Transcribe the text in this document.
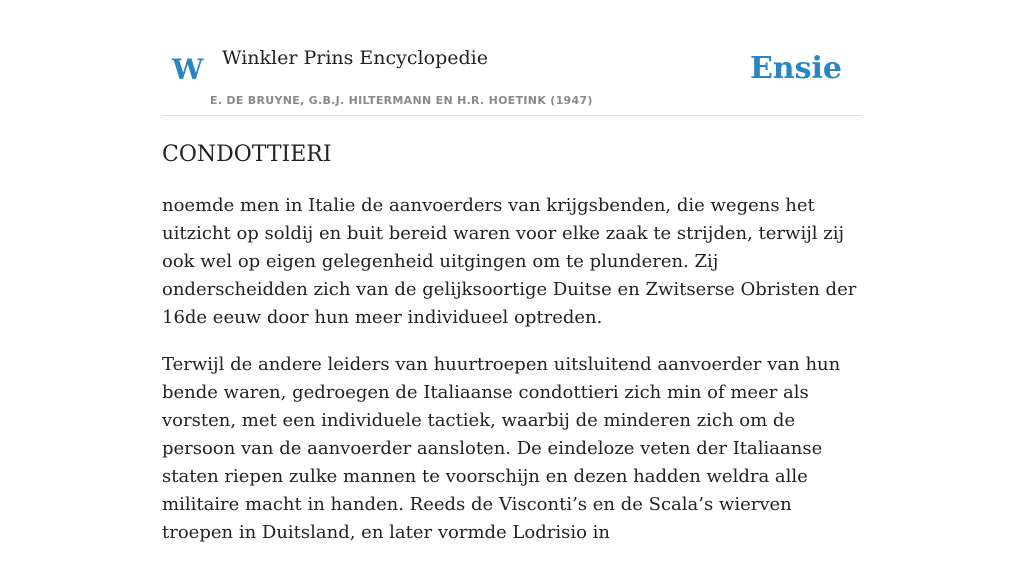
W Winkler Prins Encyclopedie
E. DE BRUYNE, G.B.J. HILTERMANN EN H.R. HOETINK (1947)
Ensie
CONDOTTIERI

noemde men in Italie de aanvoerders van krijgsbenden, die wegens het uitzicht op soldij en buit bereid waren voor elke zaak te strijden, terwijl zij ook wel op eigen gelegenheid uitgingen om te plunderen. Zij onderscheidden zich van de gelijksoortige Duitse en Zwitserse Obristen der 16de eeuw door hun meer individueel optreden.

Terwijl de andere leiders van huurtroepen uitsluitend aanvoerder van hun bende waren, gedroegen de Italiaanse condottieri zich min of meer als vorsten, met een individuele tactiek, waarbij de minderen zich om de persoon van de aanvoerder aansloten. De eindeloze veten der Italiaanse staten riepen zulke mannen te voorschijn en dezen hadden weldra alle militaire macht in handen. Reeds de Visconti’s en de Scala’s wierven troepen in Duitsland, en later vormde Lodrisio in
